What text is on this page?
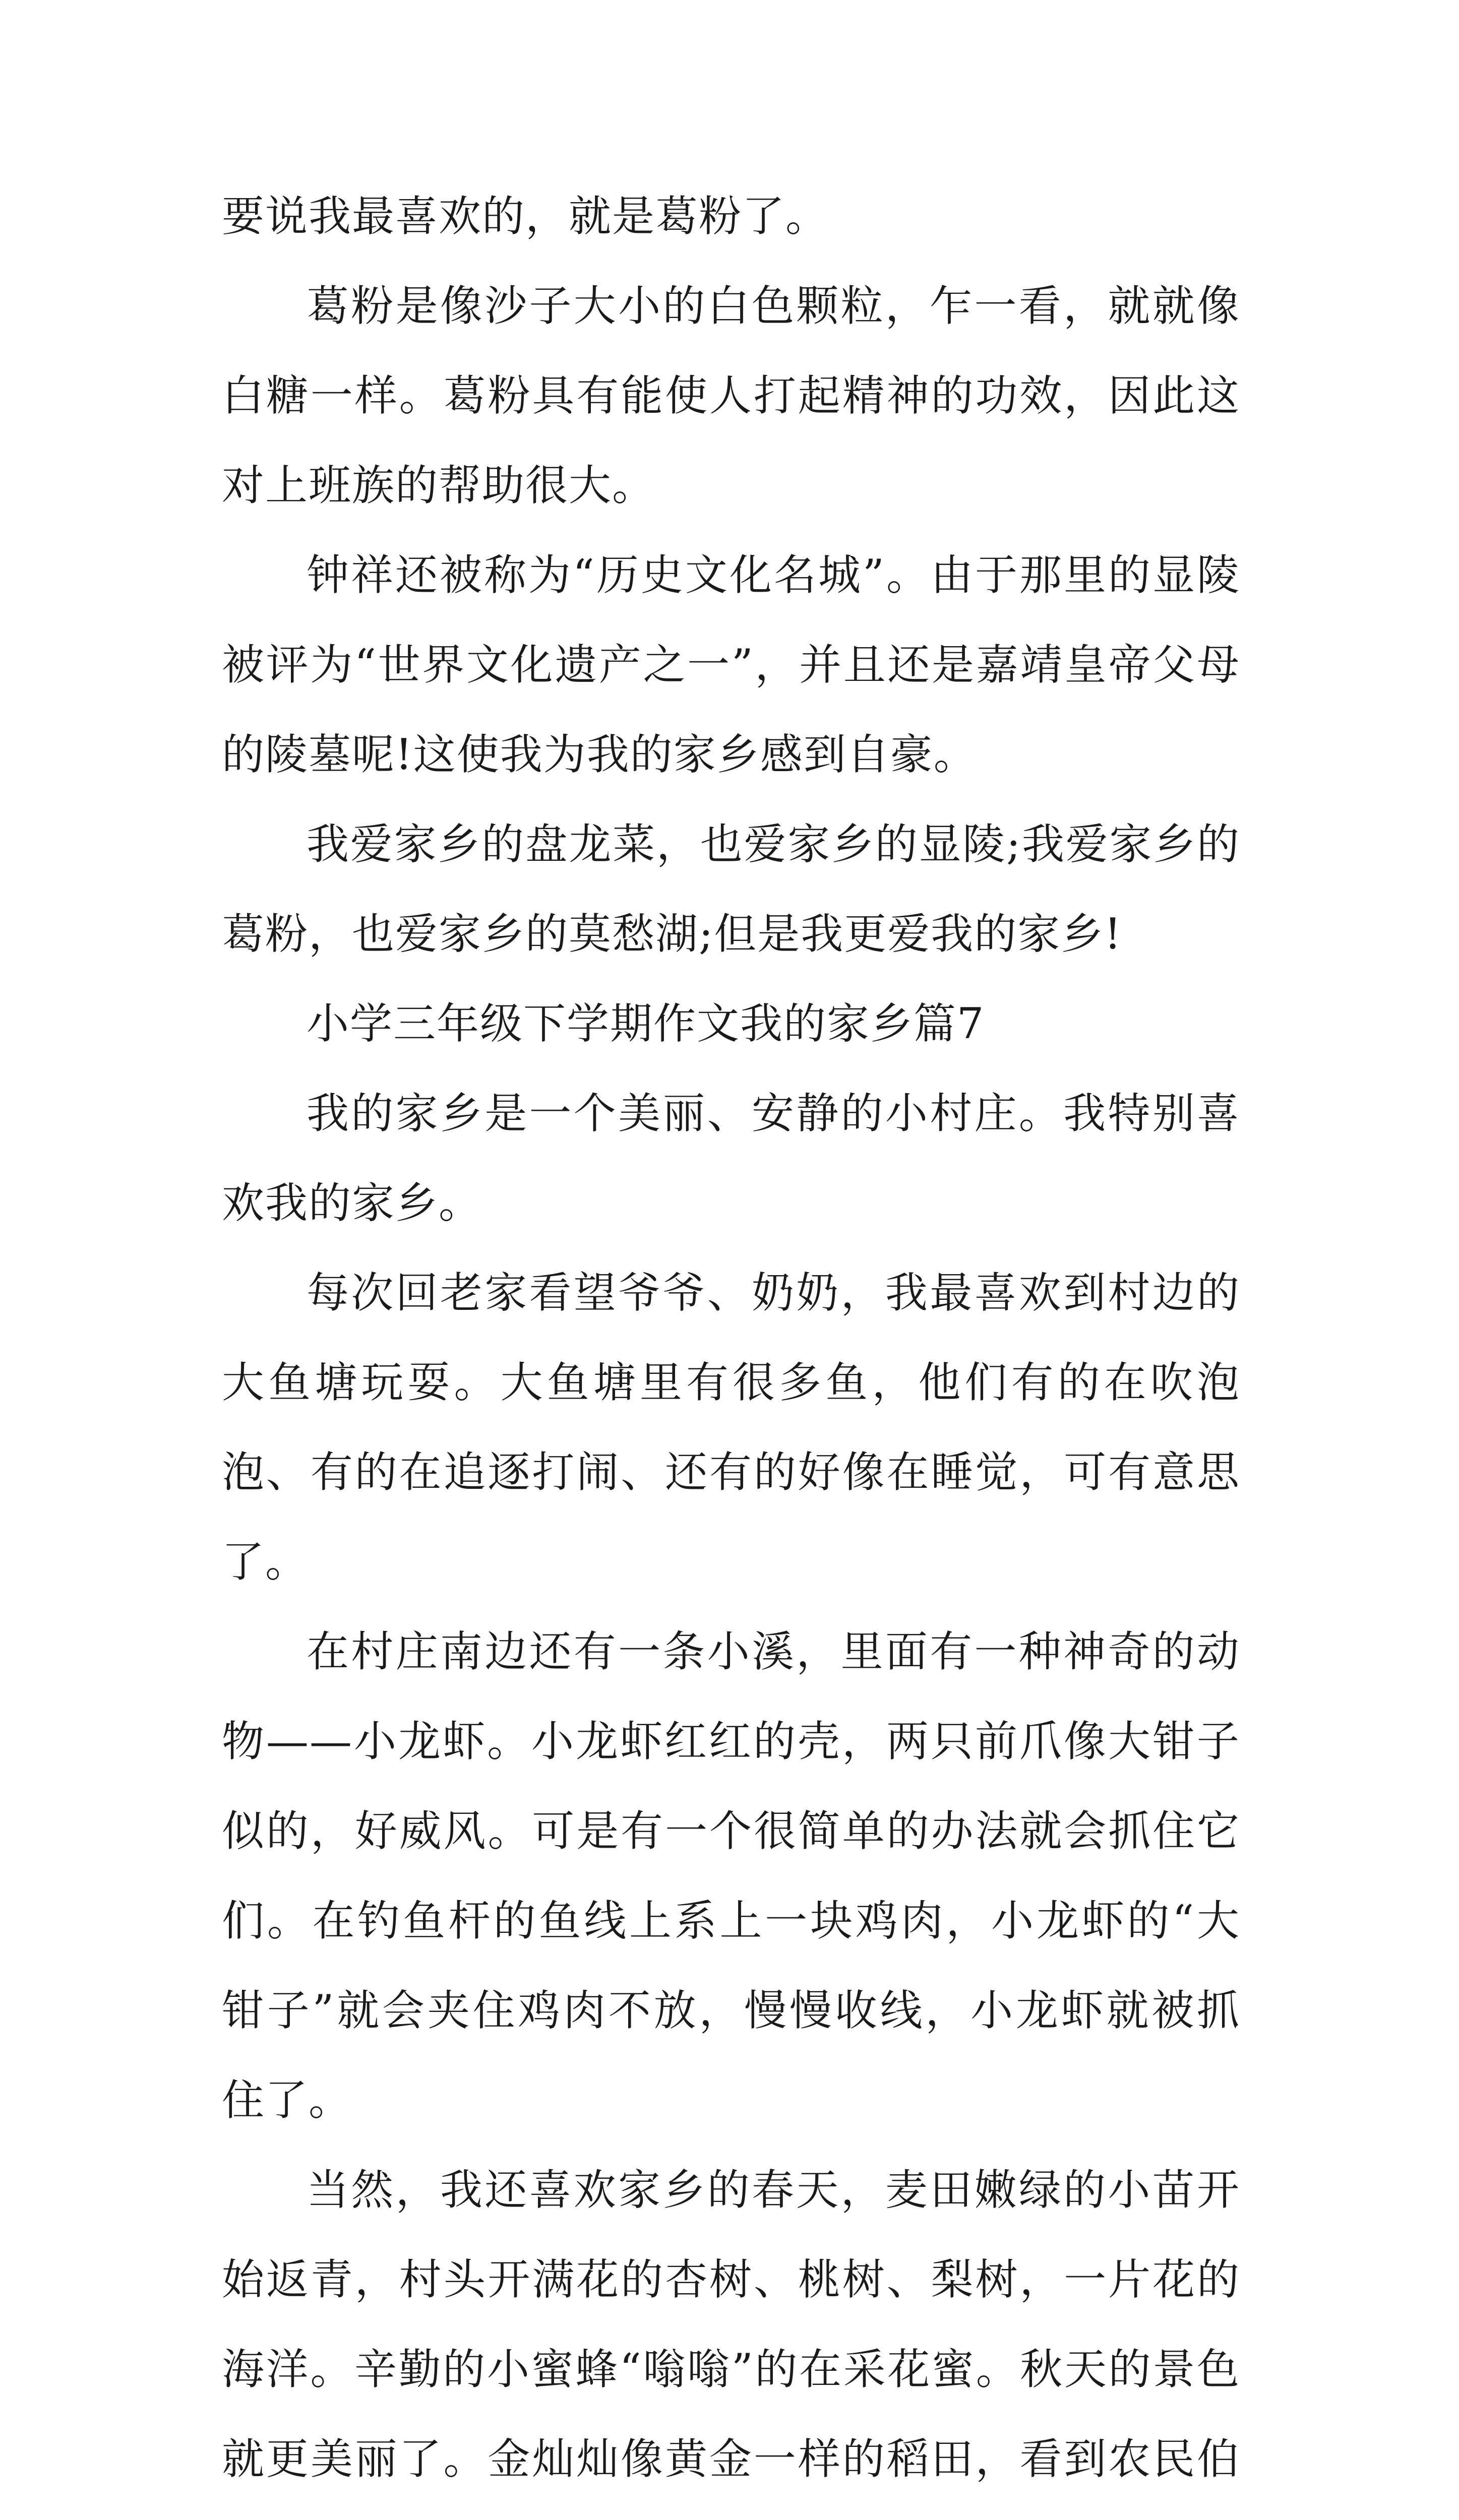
要说我最喜欢的，就是葛粉了。

葛粉是像沙子大小的白色颗粒，乍一看，就就像白糖一样。葛粉具有能使人打起精神的功效，因此这对上班族的帮助很大。

钟祥还被称为“历史文化名城”。由于那里的显陵被评为“世界文化遗产之一”，并且还是嘉靖皇帝父母的陵墓呢!这使我为我的家乡感到自豪。

我爱家乡的盘龙菜，也爱家乡的显陵;我爱家乡的葛粉，也爱家乡的莫愁湖;但是我更爱我的家乡!

小学三年级下学期作文我的家乡篇7

我的家乡是一个美丽、安静的小村庄。我特别喜欢我的家乡。

每次回老家看望爷爷、奶奶，我最喜欢到村边的大鱼塘玩耍。大鱼塘里有很多鱼，他们有的在吹泡泡、有的在追逐打闹、还有的好像在睡觉，可有意思了。

在村庄南边还有一条小溪，里面有一种神奇的动物——小龙虾。小龙虾红红的壳，两只前爪像大钳子似的，好威风。可是有一个很简单的办法就会抓住它们。在钓鱼杆的鱼线上系上一块鸡肉，小龙虾的“大钳子”就会夹住鸡肉不放，慢慢收线，小龙虾就被抓住了。

当然，我还喜欢家乡的春天，麦田嫩绿的小苗开始返青，村头开满花的杏树、桃树、梨树，一片花的海洋。辛勤的小蜜蜂“嗡嗡”的在采花蜜。秋天的景色就更美丽了。金灿灿像黄金一样的稻田，看到农民伯
